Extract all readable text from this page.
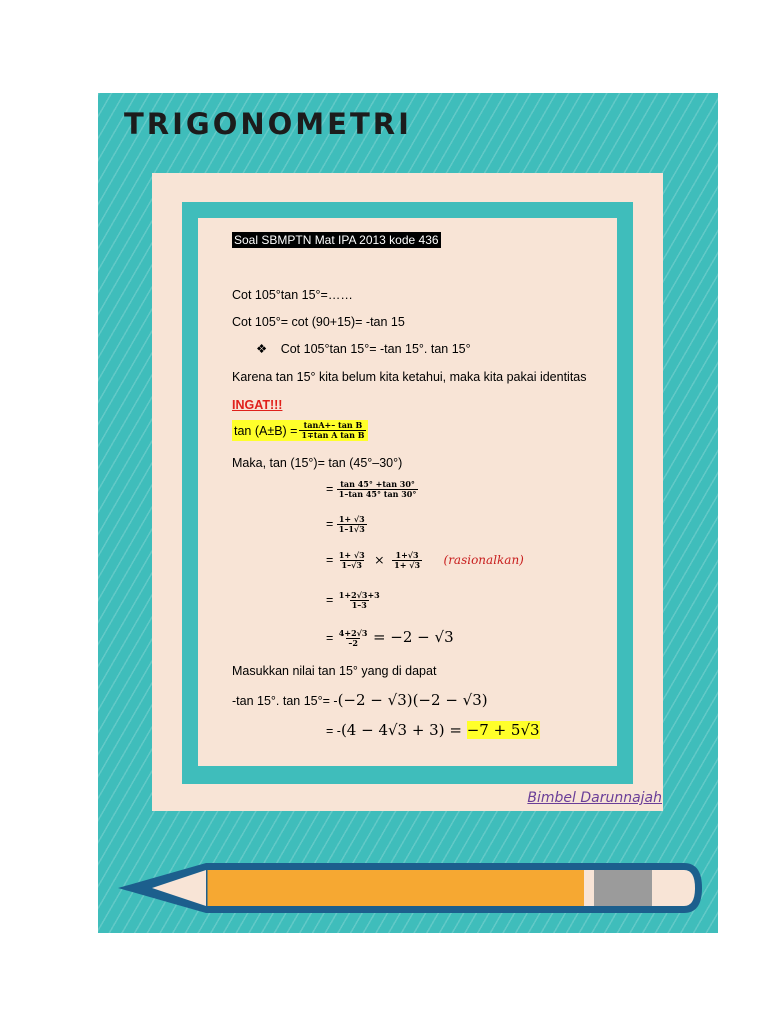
TRIGONOMETRI
Soal SBMPTN Mat IPA 2013 kode 436
Cot 105°tan 15°=……
Cot 105°= cot (90+15)= -tan 15
❖ Cot 105°tan 15°= -tan 15°. tan 15°
Karena tan 15° kita belum kita ketahui, maka kita pakai identitas
INGAT!!!
$\tan (A\pm B) = \frac{\text{tanA+– tan B}}{\text{1∓tan A tan B}}$
Maka, tan (15°)= tan (45°–30°)
= $\frac{\tan 45^\circ +\tan 30^\circ}{1-\tan 45^\circ \tan 30^\circ}$
= $\frac{1+ √3}{1-1√3}$
= $\frac{1+ √3}{1-√3} \times \frac{1+√3}{1+ √3}$ (rasionalkan)
= $\frac{1+2√3+3}{1-3}$
= $\frac{4+2√3}{-2} = -2 - √3$
Masukkan nilai tan 15° yang di dapat
-tan 15°. tan 15°= -(−2 − √3)(−2 − √3)
= -(4 − 4√3 + 3) = −7 + 5√3
Bimbel Darunnajah
